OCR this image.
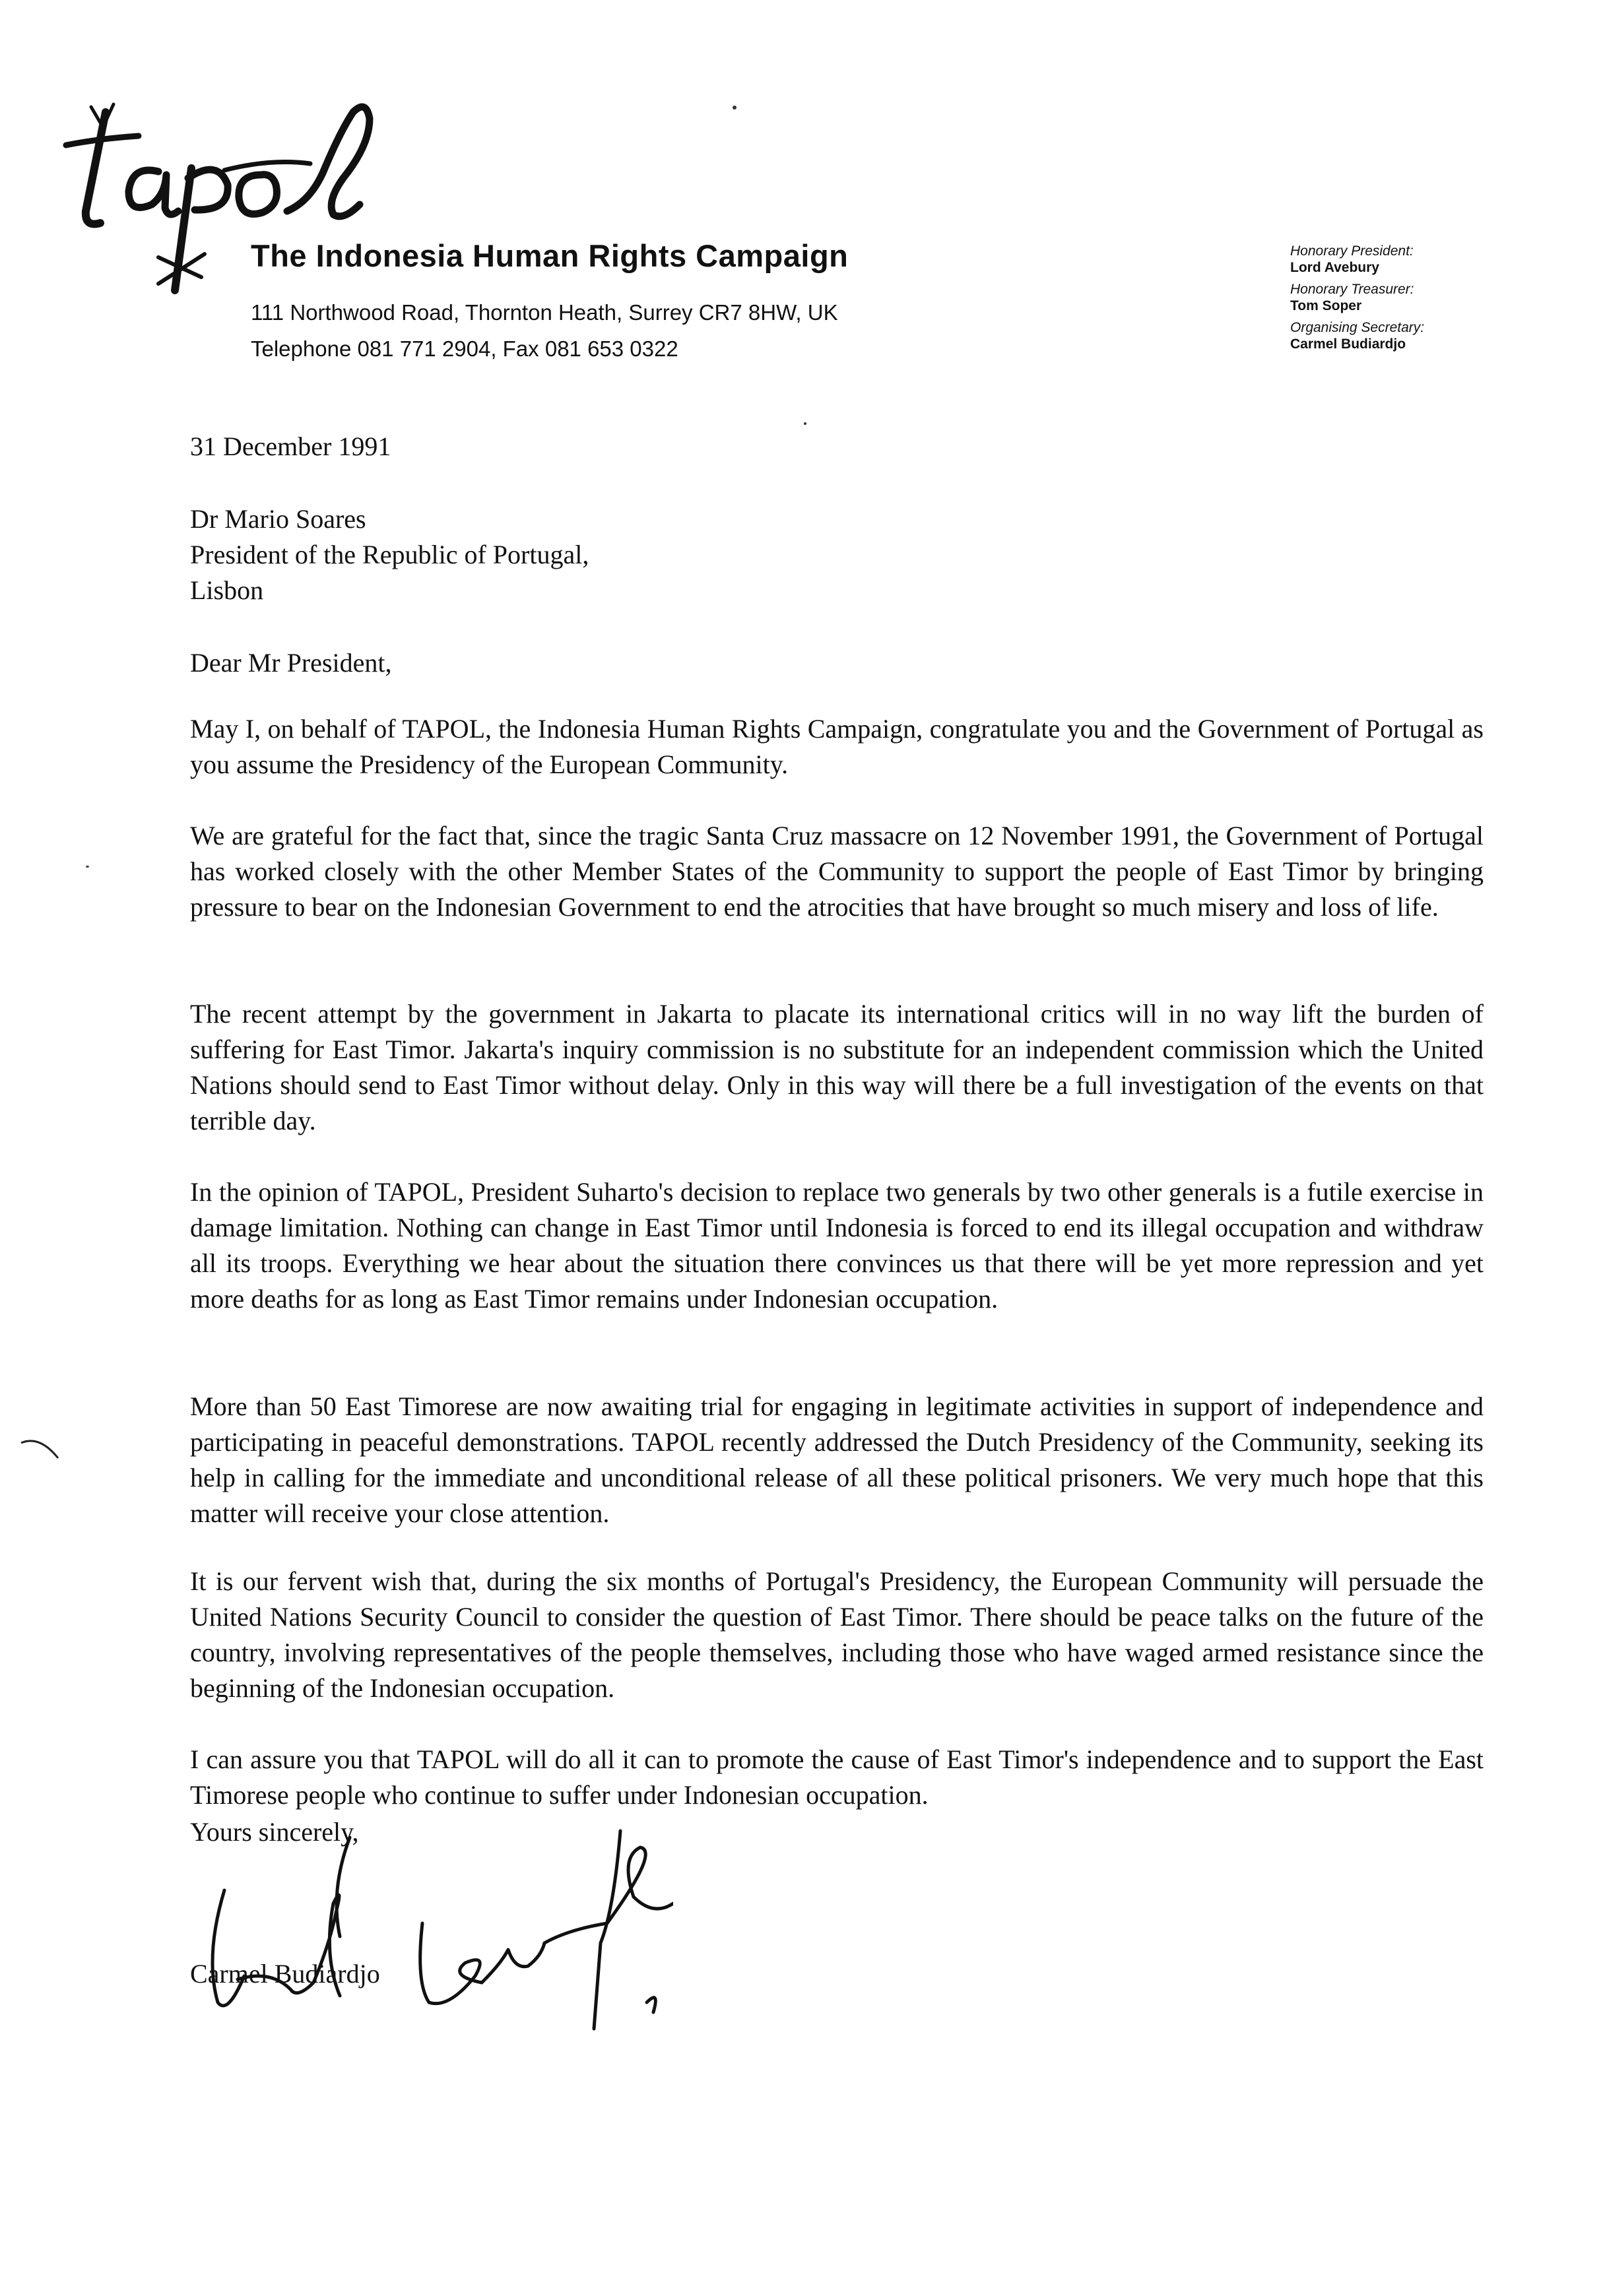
The Indonesia Human Rights Campaign
111 Northwood Road, Thornton Heath, Surrey CR7 8HW, UK
Telephone 081 771 2904, Fax 081 653 0322
Honorary President:
Lord Avebury
Honorary Treasurer:
Tom Soper
Organising Secretary:
Carmel Budiardjo
31 December 1991
Dr Mario Soares
President of the Republic of Portugal,
Lisbon
Dear Mr President,
May I, on behalf of TAPOL, the Indonesia Human Rights Campaign, congratulate you and the Government of Portugal as you assume the Presidency of the European Community.
We are grateful for the fact that, since the tragic Santa Cruz massacre on 12 November 1991, the Government of Portugal has worked closely with the other Member States of the Community to support the people of East Timor by bringing pressure to bear on the Indonesian Government to end the atrocities that have brought so much misery and loss of life.
The recent attempt by the government in Jakarta to placate its international critics will in no way lift the burden of suffering for East Timor. Jakarta's inquiry commission is no substitute for an independent commission which the United Nations should send to East Timor without delay. Only in this way will there be a full investigation of the events on that terrible day.
In the opinion of TAPOL, President Suharto's decision to replace two generals by two other generals is a futile exercise in damage limitation. Nothing can change in East Timor until Indonesia is forced to end its illegal occupation and withdraw all its troops. Everything we hear about the situation there convinces us that there will be yet more repression and yet more deaths for as long as East Timor remains under Indonesian occupation.
More than 50 East Timorese are now awaiting trial for engaging in legitimate activities in support of independence and participating in peaceful demonstrations. TAPOL recently addressed the Dutch Presidency of the Community, seeking its help in calling for the immediate and unconditional release of all these political prisoners. We very much hope that this matter will receive your close attention.
It is our fervent wish that, during the six months of Portugal's Presidency, the European Community will persuade the United Nations Security Council to consider the question of East Timor. There should be peace talks on the future of the country, involving representatives of the people themselves, including those who have waged armed resistance since the beginning of the Indonesian occupation.
I can assure you that TAPOL will do all it can to promote the cause of East Timor's independence and to support the East Timorese people who continue to suffer under Indonesian occupation.
Yours sincerely,
Carmel Budiardjo
